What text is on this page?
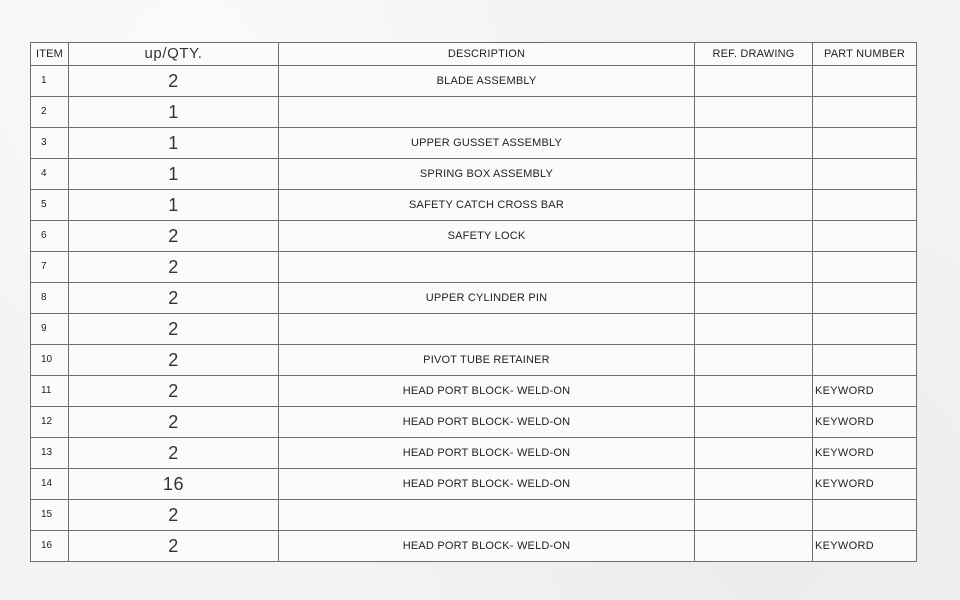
ITEM	up/QTY.	DESCRIPTION	REF. DRAWING	PART NUMBER
1	2	BLADE ASSEMBLY		
2	1			
3	1	UPPER GUSSET ASSEMBLY		
4	1	SPRING BOX ASSEMBLY		
5	1	SAFETY CATCH CROSS BAR		
6	2	SAFETY LOCK		
7	2			
8	2	UPPER CYLINDER PIN		
9	2			
10	2	PIVOT TUBE RETAINER		
11	2	HEAD PORT BLOCK- WELD-ON		KEYWORD
12	2	HEAD PORT BLOCK- WELD-ON		KEYWORD
13	2	HEAD PORT BLOCK- WELD-ON		KEYWORD
14	16	HEAD PORT BLOCK- WELD-ON		KEYWORD
15	2			
16	2	HEAD PORT BLOCK- WELD-ON		KEYWORD
